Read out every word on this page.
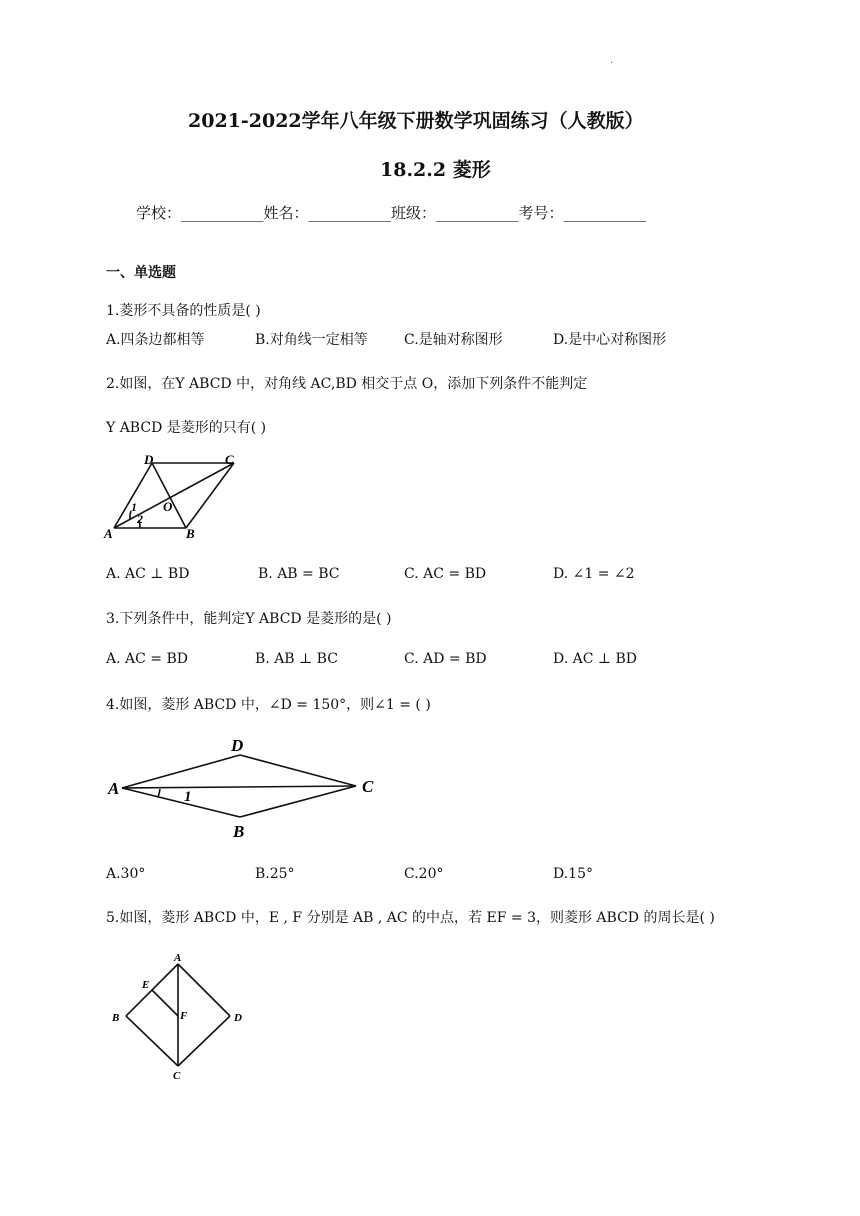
·
2021-2022学年八年级下册数学巩固练习（人教版）
18.2.2 菱形
学校：___________姓名：___________班级：___________考号：___________
一、单选题
1.菱形不具备的性质是( )
A.四条边都相等	B.对角线一定相等	C.是轴对称图形	D.是中心对称图形
2.如图，在Y ABCD 中，对角线 AC,BD 相交于点 O，添加下列条件不能判定
Y ABCD 是菱形的只有( )
D	C
O
A	B
1
2
A. AC ⊥ BD	B. AB = BC	C. AC = BD	D. ∠1 = ∠2
3.下列条件中，能判定Y ABCD 是菱形的是( )
A. AC = BD	B. AB ⊥ BC	C. AD = BD	D. AC ⊥ BD
4.如图，菱形 ABCD 中，∠D = 150°，则∠1 = ( )
D
A	C
B
1
A.30°	B.25°	C.20°	D.15°
5.如图，菱形 ABCD 中，E , F 分别是 AB , AC 的中点，若 EF = 3，则菱形 ABCD 的周长是( )
A
E
B	F	D
C
